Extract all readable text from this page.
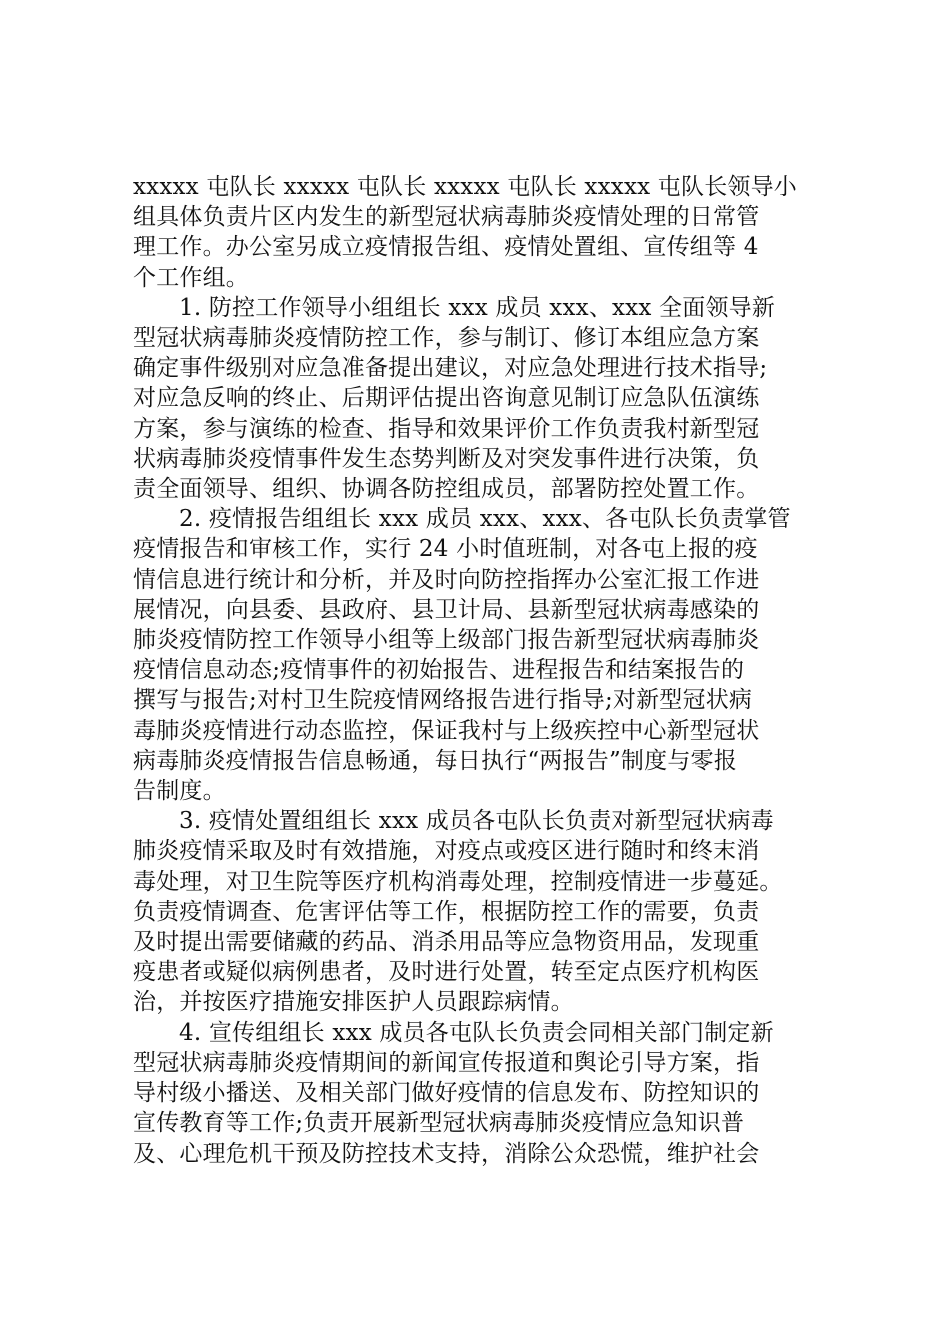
xxxxx 屯队长 xxxxx 屯队长 xxxxx 屯队长 xxxxx 屯队长领导小
组具体负责片区内发生的新型冠状病毒肺炎疫情处理的日常管
理工作。办公室另成立疫情报告组、疫情处置组、宣传组等 4
个工作组。
1. 防控工作领导小组组长 xxx 成员 xxx、xxx 全面领导新
型冠状病毒肺炎疫情防控工作，参与制订、修订本组应急方案
确定事件级别对应急准备提出建议，对应急处理进行技术指导;
对应急反响的终止、后期评估提出咨询意见制订应急队伍演练
方案，参与演练的检查、指导和效果评价工作负责我村新型冠
状病毒肺炎疫情事件发生态势判断及对突发事件进行决策，负
责全面领导、组织、协调各防控组成员，部署防控处置工作。
2. 疫情报告组组长 xxx 成员 xxx、xxx、各屯队长负责掌管
疫情报告和审核工作，实行 24 小时值班制，对各屯上报的疫
情信息进行统计和分析，并及时向防控指挥办公室汇报工作进
展情况，向县委、县政府、县卫计局、县新型冠状病毒感染的
肺炎疫情防控工作领导小组等上级部门报告新型冠状病毒肺炎
疫情信息动态;疫情事件的初始报告、进程报告和结案报告的
撰写与报告;对村卫生院疫情网络报告进行指导;对新型冠状病
毒肺炎疫情进行动态监控，保证我村与上级疾控中心新型冠状
病毒肺炎疫情报告信息畅通，每日执行“两报告”制度与零报
告制度。
3. 疫情处置组组长 xxx 成员各屯队长负责对新型冠状病毒
肺炎疫情采取及时有效措施，对疫点或疫区进行随时和终末消
毒处理，对卫生院等医疗机构消毒处理，控制疫情进一步蔓延。
负责疫情调查、危害评估等工作，根据防控工作的需要，负责
及时提出需要储藏的药品、消杀用品等应急物资用品，发现重
疫患者或疑似病例患者，及时进行处置，转至定点医疗机构医
治，并按医疗措施安排医护人员跟踪病情。
4. 宣传组组长 xxx 成员各屯队长负责会同相关部门制定新
型冠状病毒肺炎疫情期间的新闻宣传报道和舆论引导方案，指
导村级小播送、及相关部门做好疫情的信息发布、防控知识的
宣传教育等工作;负责开展新型冠状病毒肺炎疫情应急知识普
及、心理危机干预及防控技术支持，消除公众恐慌，维护社会
